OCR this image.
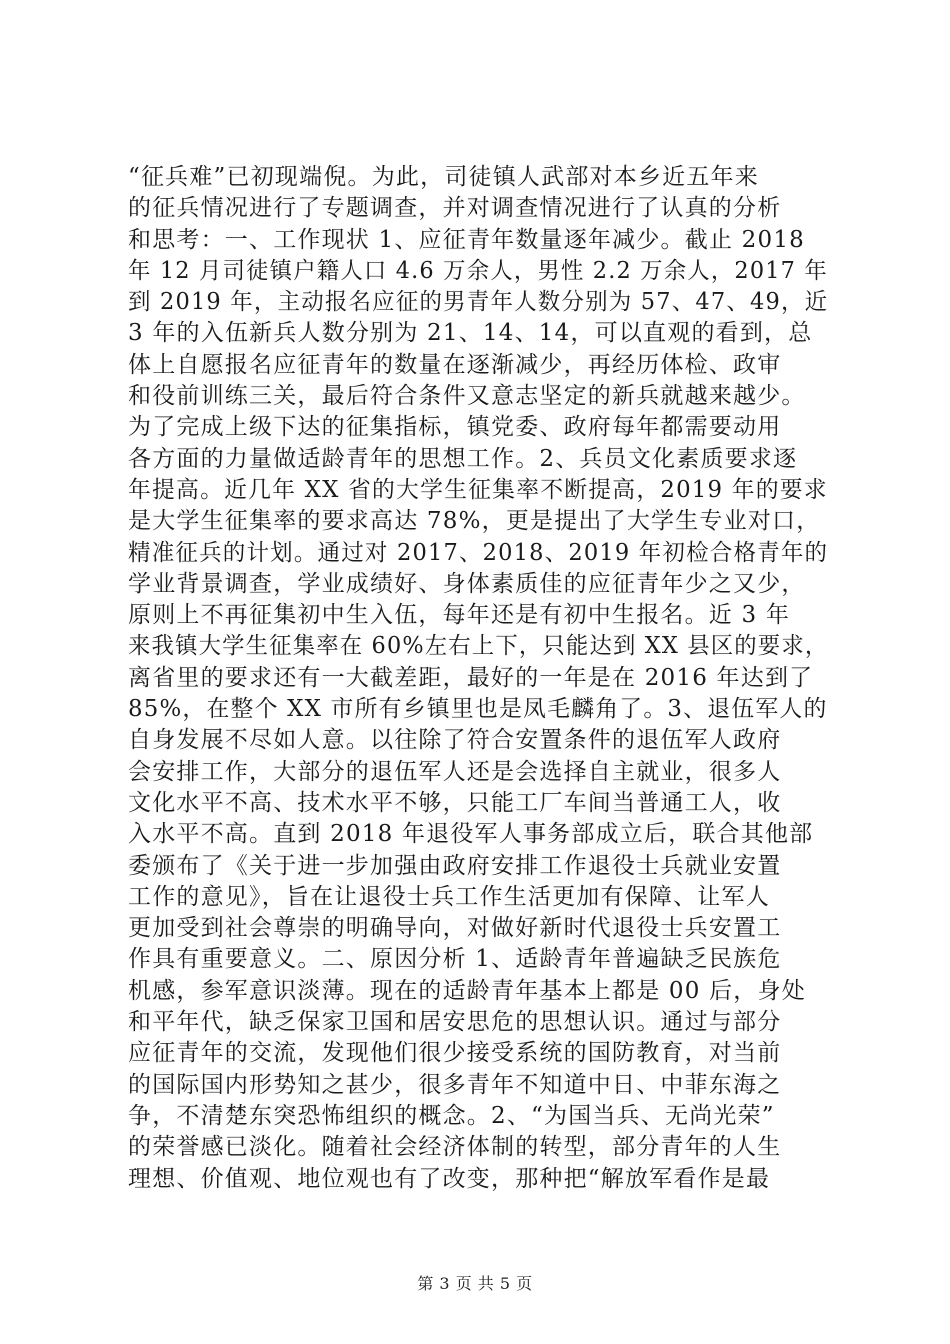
“征兵难”已初现端倪。为此，司徒镇人武部对本乡近五年来
的征兵情况进行了专题调查，并对调查情况进行了认真的分析
和思考：一、工作现状 1、应征青年数量逐年减少。截止 2018
年 12 月司徒镇户籍人口 4.6 万余人，男性 2.2 万余人，2017 年
到 2019 年，主动报名应征的男青年人数分别为 57、47、49，近
3 年的入伍新兵人数分别为 21、14、14，可以直观的看到，总
体上自愿报名应征青年的数量在逐渐减少，再经历体检、政审
和役前训练三关，最后符合条件又意志坚定的新兵就越来越少。
为了完成上级下达的征集指标，镇党委、政府每年都需要动用
各方面的力量做适龄青年的思想工作。2、兵员文化素质要求逐
年提高。近几年 XX 省的大学生征集率不断提高，2019 年的要求
是大学生征集率的要求高达 78%，更是提出了大学生专业对口，
精准征兵的计划。通过对 2017、2018、2019 年初检合格青年的
学业背景调查，学业成绩好、身体素质佳的应征青年少之又少，
原则上不再征集初中生入伍，每年还是有初中生报名。近 3 年
来我镇大学生征集率在 60%左右上下，只能达到 XX 县区的要求，
离省里的要求还有一大截差距，最好的一年是在 2016 年达到了
85%，在整个 XX 市所有乡镇里也是凤毛麟角了。3、退伍军人的
自身发展不尽如人意。以往除了符合安置条件的退伍军人政府
会安排工作，大部分的退伍军人还是会选择自主就业，很多人
文化水平不高、技术水平不够，只能工厂车间当普通工人，收
入水平不高。直到 2018 年退役军人事务部成立后，联合其他部
委颁布了《关于进一步加强由政府安排工作退役士兵就业安置
工作的意见》，旨在让退役士兵工作生活更加有保障、让军人
更加受到社会尊崇的明确导向，对做好新时代退役士兵安置工
作具有重要意义。二、原因分析 1、适龄青年普遍缺乏民族危
机感，参军意识淡薄。现在的适龄青年基本上都是 00 后，身处
和平年代，缺乏保家卫国和居安思危的思想认识。通过与部分
应征青年的交流，发现他们很少接受系统的国防教育，对当前
的国际国内形势知之甚少，很多青年不知道中日、中菲东海之
争，不清楚东突恐怖组织的概念。2、“为国当兵、无尚光荣”
的荣誉感已淡化。随着社会经济体制的转型，部分青年的人生
理想、价值观、地位观也有了改变，那种把“解放军看作是最
第 3 页 共 5 页
